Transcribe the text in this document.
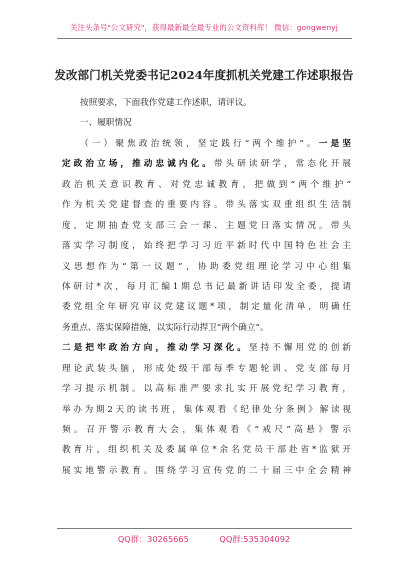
关注头条号"公文研究"，获得最新最全最专业的公文资料库！ 微信：gongwenyj
发改部门机关党委书记2024年度抓机关党建工作述职报告
按照要求，下面我作党建工作述职，请评议。
一、履职情况
（一）聚焦政治统领，坚定践行“两个维护”。一是坚
定政治立场，推动忠诚内化。带头研读研学，常态化开展
政治机关意识教育、对党忠诚教育，把做到“两个维护”
作为机关党建督查的重要内容。带头落实双重组织生活制
度，定期抽查党支部三会一课、主题党日落实情况。带头
落实学习制度，始终把学习习近平新时代中国特色社会主
义思想作为“第一议题”，协助委党组理论学习中心组集
体研讨*次，每月汇编1期总书记最新讲话印发全委，提请
委党组全年研究审议党建议题*项，制定量化清单，明确任
务重点、落实保障措施，以实际行动捍卫“两个确立”。
二是把牢政治方向，推动学习深化。坚持不懈用党的创新
理论武装头脑，形成处级干部每季专题轮训、党支部每月
学习提示机制。以高标准严要求扎实开展党纪学习教育，
举办为期2天的读书班，集体观看《纪律处分条例》解读视
频。召开警示教育大会，集体观看《“戒尺”高悬》警示
教育片，组织机关及委属单位*余名党员干部赴省*监狱开
展实地警示教育。围绕学习宣传党的二十届三中全会精神
QQ群：30265665	QQ群:535304092
